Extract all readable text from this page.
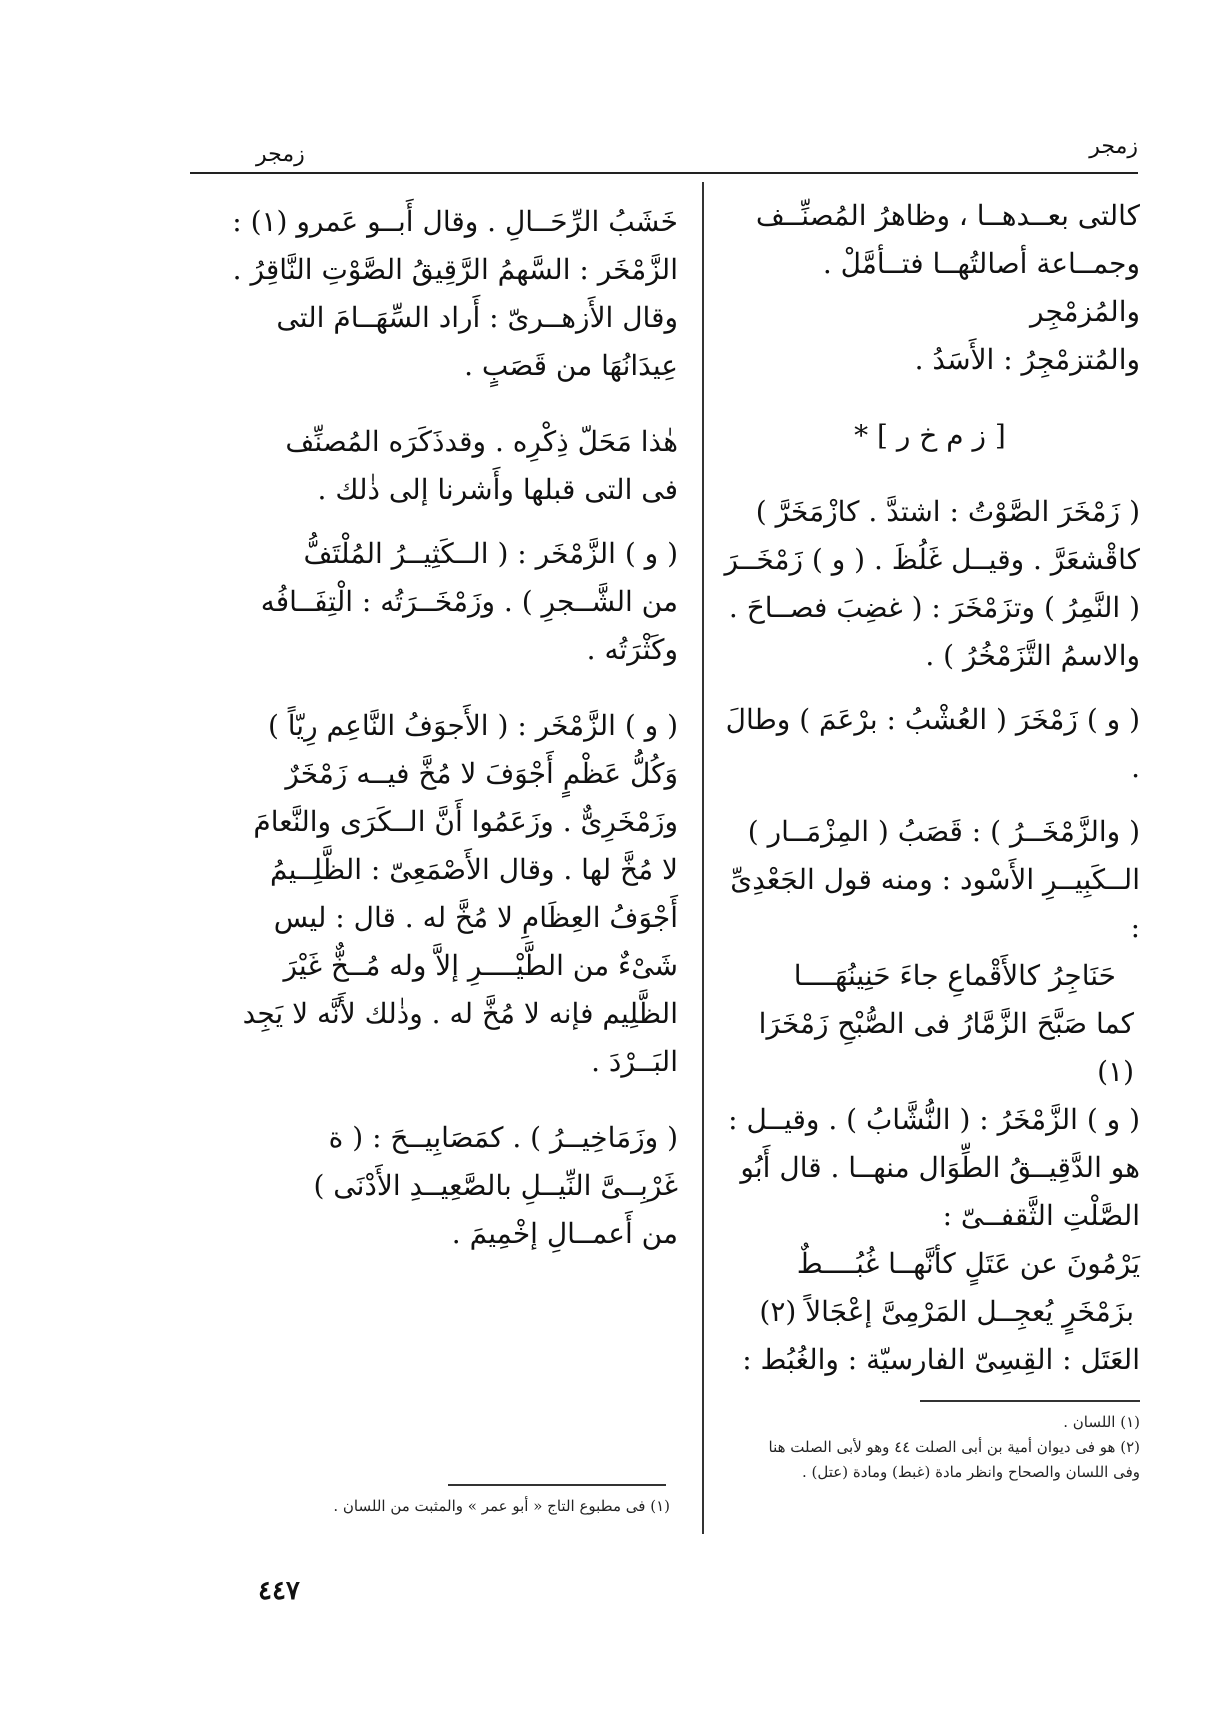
زمجر
زمجر

كالتى بعــدهــا ، وظاهرُ المُصنِّــف

وجمــاعة أصالتُهــا فتــأمَّلْ . والمُزمْجِر

والمُتزمْجِرُ : الأَسَدُ .

[ ز م خ ر ] *

( زَمْخَرَ الصَّوْتُ : اشتدَّ . كازْمَخَرَّ )

كاقْشعَرَّ . وقيــل غَلُظَ . ( و ) زَمْخَــرَ

( النَّمِرُ ) وتزَمْخَرَ : ( غضِبَ فصــاحَ .

والاسمُ التَّزَمْخُرُ ) .

( و ) زَمْخَرَ ( العُشْبُ : برْعَمَ ) وطالَ .

( والزَّمْخَــرُ ) : قَصَبُ ( المِزْمَــار )

الــكَبِيــرِ الأَسْود : ومنه قول الجَعْدِىِّ :

حَنَاجِرُ كالأَقْماعِ جاءَ حَنِينُهَــــا

كما صَبَّحَ الزَّمَّارُ فى الصُّبْحِ زَمْخَرَا (١)

( و ) الزَّمْخَرُ : ( النُّشَّابُ ) . وقيــل :

هو الدَّقِيــقُ الطِّوَال منهــا . قال أَبُو

الصَّلْتِ الثَّقفــىّ :

يَرْمُونَ عن عَتَلٍ كأنَّهــا غُبُــــطٌ

بزَمْخَرٍ يُعجِــل المَرْمِىَّ إعْجَالاً (٢)

العَتَل : القِسِىّ الفارسيّة : والغُبُط :

خَشَبُ الرِّحَــالِ . وقال أَبــو عَمرو (١) :

الزَّمْخَر : السَّهمُ الرَّقِيقُ الصَّوْتِ النَّاقِرُ .

وقال الأَزهــرىّ : أَراد السِّهَــامَ التى

عِيدَانُهَا من قَصَبٍ .

هٰذا مَحَلّ ذِكْرِه . وقدذَكَرَه المُصنِّف

فى التى قبلها وأَشرنا إلى ذٰلك .

( و ) الزَّمْخَر : ( الــكَثِيــرُ المُلْتَفُّ

من الشَّــجرِ ) . وزَمْخَــرَتُه : الْتِفَــافُه

وكَثْرَتُه .

( و ) الزَّمْخَر : ( الأَجوَفُ النَّاعِم رِيّاً )

وَكُلُّ عَظْمٍ أَجْوَفَ لا مُخَّ فيــه زَمْخَرٌ

وزَمْخَرِىٌّ . وزَعَمُوا أَنَّ الــكَرَى والنَّعامَ

لا مُخَّ لها . وقال الأَصْمَعِىّ : الظَّلِــيمُ

أَجْوَفُ العِظَامِ لا مُخَّ له . قال : ليس

شَىْءٌ من الطَّيْــــرِ إلاَّ وله مُــخٌّ غَيْرَ

الظَّلِيم فإنه لا مُخَّ له . وذٰلك لأَنَّه لا يَجِد

البَــرْدَ .

( وزَمَاخِيــرُ ) . كمَصَابِيــحَ : ( ة

غَرْبِــىَّ النِّيــلِ بالصَّعِيــدِ الأَدْنَى )

من أَعمــالِ إخْمِيمَ .

(١) اللسان .

(٢) هو فى ديوان أمية بن أبى الصلت ٤٤ وهو لأبى الصلت هنا وفى اللسان والصحاح وانظر مادة (غبط) ومادة (عتل) .

(١) فى مطبوع التاج « أبو عمر » والمثبت من اللسان .

٤٤٧
